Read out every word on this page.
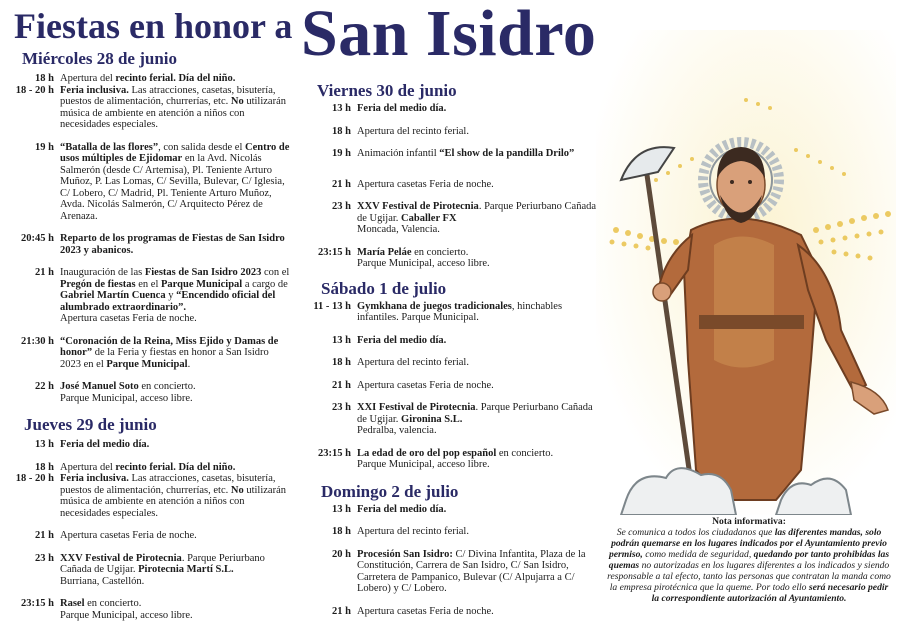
Fiestas en honor a San Isidro
Miércoles 28 de junio
18 h Apertura del recinto ferial. Día del niño.
18 - 20 h Feria inclusiva. Las atracciones, casetas, bisutería, puestos de alimentación, churrerías, etc. No utilizarán música de ambiente en atención a niños con necesidades especiales.
19 h “Batalla de las flores”, con salida desde el Centro de usos múltiples de Ejidomar en la Avd. Nicolás Salmerón (desde C/ Artemisa), Pl. Teniente Arturo Muñoz, P. Las Lomas, C/ Sevilla, Bulevar, C/ Iglesia, C/ Lobero, C/ Madrid, Pl. Teniente Arturo Muñoz, Avda. Nicolás Salmerón, C/ Arquitecto Pérez de Arenaza.
20:45 h Reparto de los programas de Fiestas de San Isidro 2023 y abanicos.
21 h Inauguración de las Fiestas de San Isidro 2023 con el Pregón de fiestas en el Parque Municipal a cargo de Gabriel Martín Cuenca y “Encendido oficial del alumbrado extraordinario”.
Apertura casetas Feria de noche.
21:30 h “Coronación de la Reina, Miss Ejido y Damas de honor” de la Feria y fiestas en honor a San Isidro 2023 en el Parque Municipal.
22 h José Manuel Soto en concierto.
Parque Municipal, acceso libre.
Jueves 29 de junio
13 h Feria del medio día.
18 h Apertura del recinto ferial. Día del niño.
18 - 20 h Feria inclusiva. Las atracciones, casetas, bisutería, puestos de alimentación, churrerías, etc. No utilizarán música de ambiente en atención a niños con necesidades especiales.
21 h Apertura casetas Feria de noche.
23 h XXV Festival de Pirotecnia. Parque Periurbano Cañada de Ugijar. Pirotecnia Martí S.L.
Burriana, Castellón.
23:15 h Rasel en concierto.
Parque Municipal, acceso libre.
Viernes 30 de junio
13 h Feria del medio día.
18 h Apertura del recinto ferial.
19 h Animación infantil “El show de la pandilla Drilo”
21 h Apertura casetas Feria de noche.
23 h XXV Festival de Pirotecnia. Parque Periurbano Cañada de Ugijar. Caballer FX
Moncada, Valencia.
23:15 h María Peláe en concierto.
Parque Municipal, acceso libre.
Sábado 1 de julio
11 - 13 h Gymkhana de juegos tradicionales, hinchables infantiles. Parque Municipal.
13 h Feria del medio día.
18 h Apertura del recinto ferial.
21 h Apertura casetas Feria de noche.
23 h XXI Festival de Pirotecnia. Parque Periurbano Cañada de Ugijar. Gironina S.L.
Pedralba, valencia.
23:15 h La edad de oro del pop español en concierto.
Parque Municipal, acceso libre.
Domingo 2 de julio
13 h Feria del medio día.
18 h Apertura del recinto ferial.
20 h Procesión San Isidro: C/ Divina Infantita, Plaza de la Constitución, Carrera de San Isidro, C/ San Isidro, Carretera de Pampanico, Bulevar (C/ Alpujarra a C/ Lobero) y C/ Lobero.
21 h Apertura casetas Feria de noche.
Nota informativa:
Se comunica a todos los ciudadanos que las diferentes mandas, solo podrán quemarse en los lugares indicados por el Ayuntamiento previo permiso, como medida de seguridad, quedando por tanto prohibidas las quemas no autorizadas en los lugares diferentes a los indicados y siendo responsable a tal efecto, tanto las personas que contratan la manda como la empresa pirotécnica que la queme. Por todo ello será necesario pedir la correspondiente autorización al Ayuntamiento.
